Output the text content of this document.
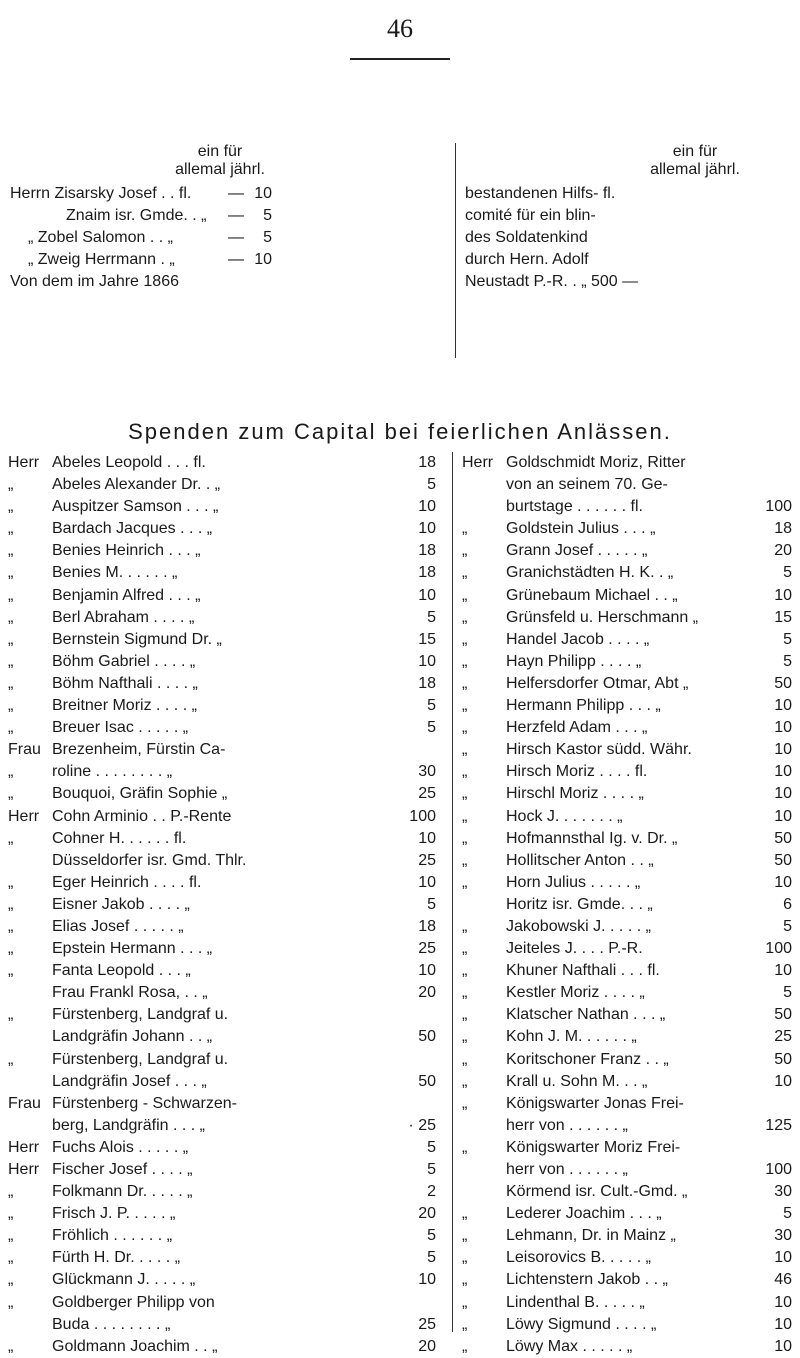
46
ein für
allemal jährl.
Herrn Zisarsky Josef . . fl. — 10
Znaim isr. Gmde. . „ —	5
„ Zobel Salomon . . „	—	5
„ Zweig Herrmann . „	— 10
Von dem im Jahre 1866
ein für
allemal jährl.
bestandenen Hilfs- fl.
comité für ein blin-
des Soldatenkind
durch Hern. Adolf
Neustadt P.-R. . „ 500 —
Spenden zum Capital bei feierlichen Anlässen.
Herr Abeles Leopold . . . fl.	18
„	Abeles Alexander Dr. . „	5
„	Auspitzer Samson . . . „	10
„	Bardach Jacques . . . „	10
„	Benies Heinrich . . . „	18
„	Benies M. . . . . . „	18
„	Benjamin Alfred . . . „	10
„	Berl Abraham . . . . „	5
„	Bernstein Sigmund Dr. „	15
„	Böhm Gabriel . . . . „	10
„	Böhm Nafthali . . . . „	18
„	Breitner Moriz . . . . „	5
„	Breuer Isac . . . . . „	5
Frau Brezenheim, Fürstin Ca-
„	roline . . . . . . . . „	30
„	Bouquoi, Gräfin Sophie „	25
Herr Cohn Arminio . . P.-Rente	100
„	Cohner H. . . . . . fl.	10
Düsseldorfer isr. Gmd. Thlr.	25
„	Eger Heinrich . . . . fl.	10
„	Eisner Jakob . . . . „	5
„	Elias Josef . . . . . „	18
„	Epstein Hermann . . . „	25
„	Fanta Leopold . . . „	10
Frau Frankl Rosa, . . „	20
„	Fürstenberg, Landgraf u.
Landgräfin Johann . . „	50
„	Fürstenberg, Landgraf u.
Landgräfin Josef . . . „	50
Frau Fürstenberg - Schwarzen-
berg, Landgräfin . . . „	· 25
Herr Fuchs Alois . . . . . „	5
Herr Fischer Josef . . . . „	5
„	Folkmann Dr. . . . . „	2
„	Frisch J. P. . . . . „	20
„	Fröhlich . . . . . . „	5
„	Fürth H. Dr. . . . . „	5
„	Glückmann J. . . . . „	10
„	Goldberger Philipp von
Buda . . . . . . . . „	25
„	Goldmann Joachim . . „	20
Herr Goldschmidt Moriz, Ritter
von an seinem 70. Ge-
burtstage . . . . . . fl.	100
„	Goldstein Julius . . . „	18
„	Grann Josef . . . . . „	20
„	Granichstädten H. K. . „	5
„	Grünebaum Michael . . „	10
„	Grünsfeld u. Herschmann „	15
„	Handel Jacob . . . . „	5
„	Hayn Philipp . . . . „	5
„	Helfersdorfer Otmar, Abt „	50
„	Hermann Philipp . . . „	10
„	Herzfeld Adam . . . „	10
„	Hirsch Kastor südd. Währ.	10
„	Hirsch Moriz . . . . fl.	10
„	Hirschl Moriz . . . . „	10
„	Hock J. . . . . . . „	10
„	Hofmannsthal Ig. v. Dr. „	50
„	Hollitscher Anton . . „	50
„	Horn Julius . . . . . „	10
Horitz isr. Gmde. . . „	6
„	Jakobowski J. . . . . „	5
„	Jeiteles J. . . . P.-R.	100
„	Khuner Nafthali . . . fl.	10
„	Kestler Moriz . . . . „	5
„	Klatscher Nathan . . . „	50
„	Kohn J. M. . . . . . „	25
„	Koritschoner Franz . . „	50
„	Krall u. Sohn M. . . „	10
„	Königswarter Jonas Frei-
herr von . . . . . . „	125
„	Königswarter Moriz Frei-
herr von . . . . . . „	100
Körmend isr. Cult.-Gmd. „	30
„	Lederer Joachim . . . „	5
„	Lehmann, Dr. in Mainz „	30
„	Leisorovics B. . . . . „	10
„	Lichtenstern Jakob . . „	46
„	Lindenthal B. . . . . „	10
„	Löwy Sigmund . . . . „	10
„	Löwy Max . . . . . „	10
